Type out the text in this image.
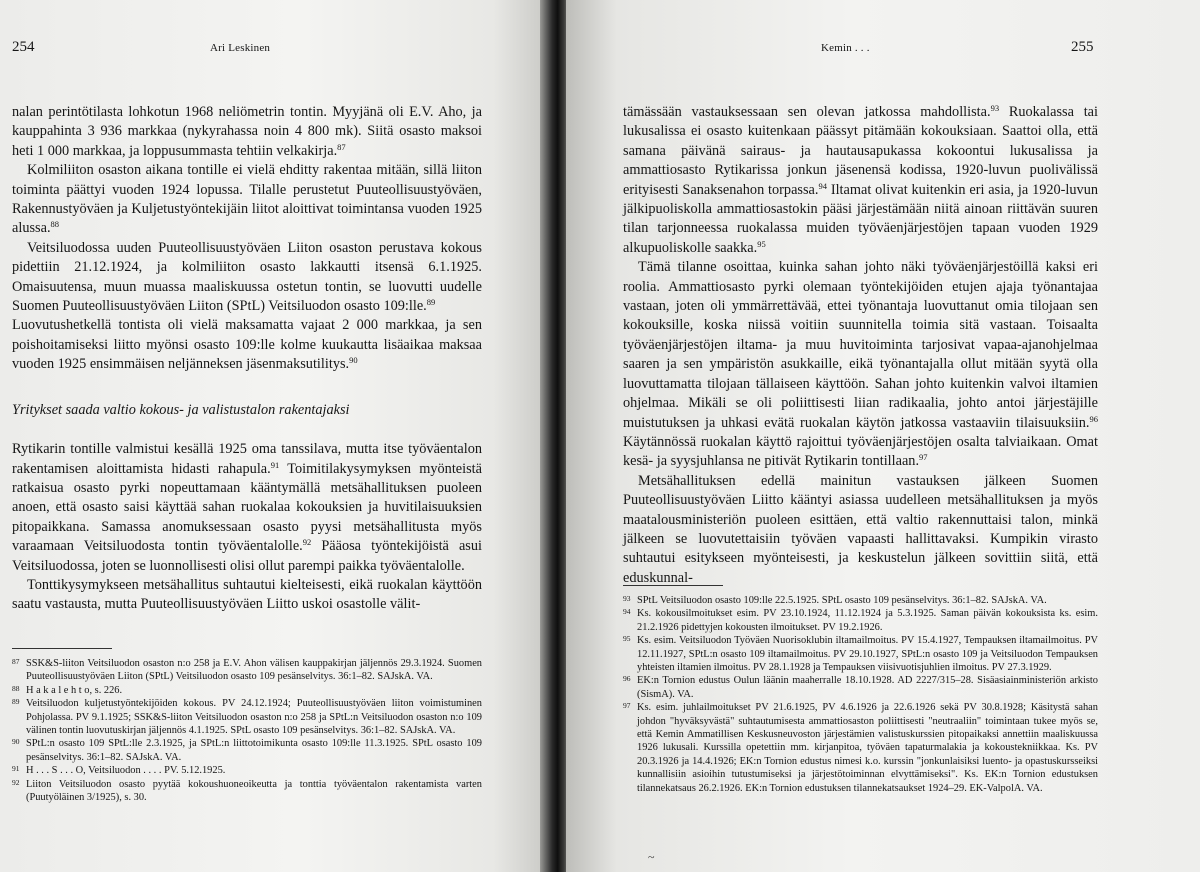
254	Ari Leskinen

nalan perintötilasta lohkotun 1968 neliömetrin tontin. Myyjänä oli E.V. Aho, ja kauppahinta 3 936 markkaa (nykyrahassa noin 4 800 mk). Siitä osasto maksoi heti 1 000 markkaa, ja loppusummasta tehtiin velkakirja.$^{87}$

Kolmiliiton osaston aikana tontille ei vielä ehditty rakentaa mitään, sillä liiton toiminta päättyi vuoden 1924 lopussa. Tilalle perustetut Puuteollisuustyöväen, Rakennustyöväen ja Kuljetustyöntekijäin liitot aloittivat toimintansa vuoden 1925 alussa.$^{88}$

Veitsiluodossa uuden Puuteollisuustyöväen Liiton osaston perustava kokous pidettiin 21.12.1924, ja kolmiliiton osasto lakkautti itsensä 6.1.1925. Omaisuutensa, muun muassa maaliskuussa ostetun tontin, se luovutti uudelle Suomen Puuteollisuustyöväen Liiton (SPtL) Veitsiluodon osasto 109:lle.$^{89}$

Luovutushetkellä tontista oli vielä maksamatta vajaat 2 000 markkaa, ja sen poishoitamiseksi liitto myönsi osasto 109:lle kolme kuukautta lisäaikaa maksaa vuoden 1925 ensimmäisen neljänneksen jäsenmaksutilitys.$^{90}$

Yritykset saada valtio kokous- ja valistustalon rakentajaksi

Rytikarin tontille valmistui kesällä 1925 oma tanssilava, mutta itse työväentalon rakentamisen aloittamista hidasti rahapula.$^{91}$ Toimitilakysymyksen myönteistä ratkaisua osasto pyrki nopeuttamaan kääntymällä metsähallituksen puoleen anoen, että osasto saisi käyttää sahan ruokalaa kokouksien ja huvitilaisuuksien pitopaikkana. Samassa anomuksessaan osasto pyysi metsähallitusta myös varaamaan Veitsiluodosta tontin työväentalolle.$^{92}$ Pääosa työntekijöistä asui Veitsiluodossa, joten se luonnollisesti olisi ollut parempi paikka työväentalolle.

Tonttikysymykseen metsähallitus suhtautui kielteisesti, eikä ruokalan käyttöön saatu vastausta, mutta Puuteollisuustyöväen Liitto uskoi osastolle välit-

87 SSK&S-liiton Veitsiluodon osaston n:o 258 ja E.V. Ahon välisen kauppakirjan jäljennös 29.3.1924. Suomen Puuteollisuustyöväen Liiton (SPtL) Veitsiluodon osasto 109 pesänselvitys. 36:1–82. SAJskA. VA.
88 H a k a l e h t o, s. 226.
89 Veitsiluodon kuljetustyöntekijöiden kokous. PV 24.12.1924; Puuteollisuustyöväen liiton voimistuminen Pohjolassa. PV 9.1.1925; SSK&S-liiton Veitsiluodon osaston n:o 258 ja SPtL:n Veitsiluodon osaston n:o 109 välinen tontin luovutuskirjan jäljennös 4.1.1925. SPtL osasto 109 pesänselvitys. 36:1–82. SAJskA. VA.
90 SPtL:n osasto 109 SPtL:lle 2.3.1925, ja SPtL:n liittotoimikunta osasto 109:lle 11.3.1925. SPtL osasto 109 pesänselvitys. 36:1–82. SAJskA. VA.
91 H . . . S . . . O, Veitsiluodon . . . . PV. 5.12.1925.
92 Liiton Veitsiluodon osasto pyytää kokoushuoneoikeutta ja tonttia työväentalon rakentamista varten (Puutyöläinen 3/1925), s. 30.
Kemin . . .	255

tämässään vastauksessaan sen olevan jatkossa mahdollista.$^{93}$ Ruokalassa tai lukusalissa ei osasto kuitenkaan päässyt pitämään kokouksiaan. Saattoi olla, että samana päivänä sairaus- ja hautausapukassa kokoontui lukusalissa ja ammattiosasto Rytikarissa jonkun jäsenensä kodissa, 1920-luvun puolivälissä erityisesti Sanaksenahon torpassa.$^{94}$ Iltamat olivat kuitenkin eri asia, ja 1920-luvun jälkipuoliskolla ammattiosastokin pääsi järjestämään niitä ainoan riittävän suuren tilan tarjonneessa ruokalassa muiden työväenjärjestöjen tapaan vuoden 1929 alkupuoliskolle saakka.$^{95}$

Tämä tilanne osoittaa, kuinka sahan johto näki työväenjärjestöillä kaksi eri roolia. Ammattiosasto pyrki olemaan työntekijöiden etujen ajaja työnantajaa vastaan, joten oli ymmärrettävää, ettei työnantaja luovuttanut omia tilojaan sen kokouksille, koska niissä voitiin suunnitella toimia sitä vastaan. Toisaalta työväenjärjestöjen iltama- ja muu huvitoiminta tarjosivat vapaa-ajanohjelmaa saaren ja sen ympäristön asukkaille, eikä työnantajalla ollut mitään syytä olla luovuttamatta tilojaan tällaiseen käyttöön. Sahan johto kuitenkin valvoi iltamien ohjelmaa. Mikäli se oli poliittisesti liian radikaalia, johto antoi järjestäjille muistutuksen ja uhkasi evätä ruokalan käytön jatkossa vastaaviin tilaisuuksiin.$^{96}$ Käytännössä ruokalan käyttö rajoittui työväenjärjestöjen osalta talviaikaan. Omat kesä- ja syysjuhlansa ne pitivät Rytikarin tontillaan.$^{97}$

Metsähallituksen edellä mainitun vastauksen jälkeen Suomen Puuteollisuustyöväen Liitto kääntyi asiassa uudelleen metsähallituksen ja myös maatalousministeriön puoleen esittäen, että valtio rakennuttaisi talon, minkä jälkeen se luovutettaisiin työväen vapaasti hallittavaksi. Kumpikin virasto suhtautui esitykseen myönteisesti, ja keskustelun jälkeen sovittiin siitä, että eduskunnal-

93 SPtL Veitsiluodon osasto 109:lle 22.5.1925. SPtL osasto 109 pesänselvitys. 36:1–82. SAJskA. VA.
94 Ks. kokousilmoitukset esim. PV 23.10.1924, 11.12.1924 ja 5.3.1925. Saman päivän kokouksista ks. esim. 21.2.1926 pidettyjen kokousten ilmoitukset. PV 19.2.1926.
95 Ks. esim. Veitsiluodon Työväen Nuorisoklubin iltamailmoitus. PV 15.4.1927, Tempauksen iltamailmoitus. PV 12.11.1927, SPtL:n osasto 109 iltamailmoitus. PV 29.10.1927, SPtL:n osasto 109 ja Veitsiluodon Tempauksen yhteisten iltamien ilmoitus. PV 28.1.1928 ja Tempauksen viisivuotisjuhlien ilmoitus. PV 27.3.1929.
96 EK:n Tornion edustus Oulun läänin maaherralle 18.10.1928. AD 2227/315–28. Sisäasiainministeriön arkisto (SismA). VA.
97 Ks. esim. juhlailmoitukset PV 21.6.1925, PV 4.6.1926 ja 22.6.1926 sekä PV 30.8.1928; Käsitystä sahan johdon "hyväksyvästä" suhtautumisesta ammattiosaston poliittisesti "neutraaliin" toimintaan tukee myös se, että Kemin Ammatillisen Keskusneuvoston järjestämien valistuskurssien pitopaikaksi annettiin maaliskuussa 1926 lukusali. Kurssilla opetettiin mm. kirjanpitoa, työväen tapaturmalakia ja kokoustekniikkaa. Ks. PV 20.3.1926 ja 14.4.1926; EK:n Tornion edustus nimesi k.o. kurssin "jonkunlaisiksi luento- ja opastuskursseiksi kunnallisiin asioihin tutustumiseksi ja järjestötoiminnan elvyttämiseksi". Ks. EK:n Tornion edustuksen tilannekatsaus 26.2.1926. EK:n Tornion edustuksen tilannekatsaukset 1924–29. EK-ValpolA. VA.
~
